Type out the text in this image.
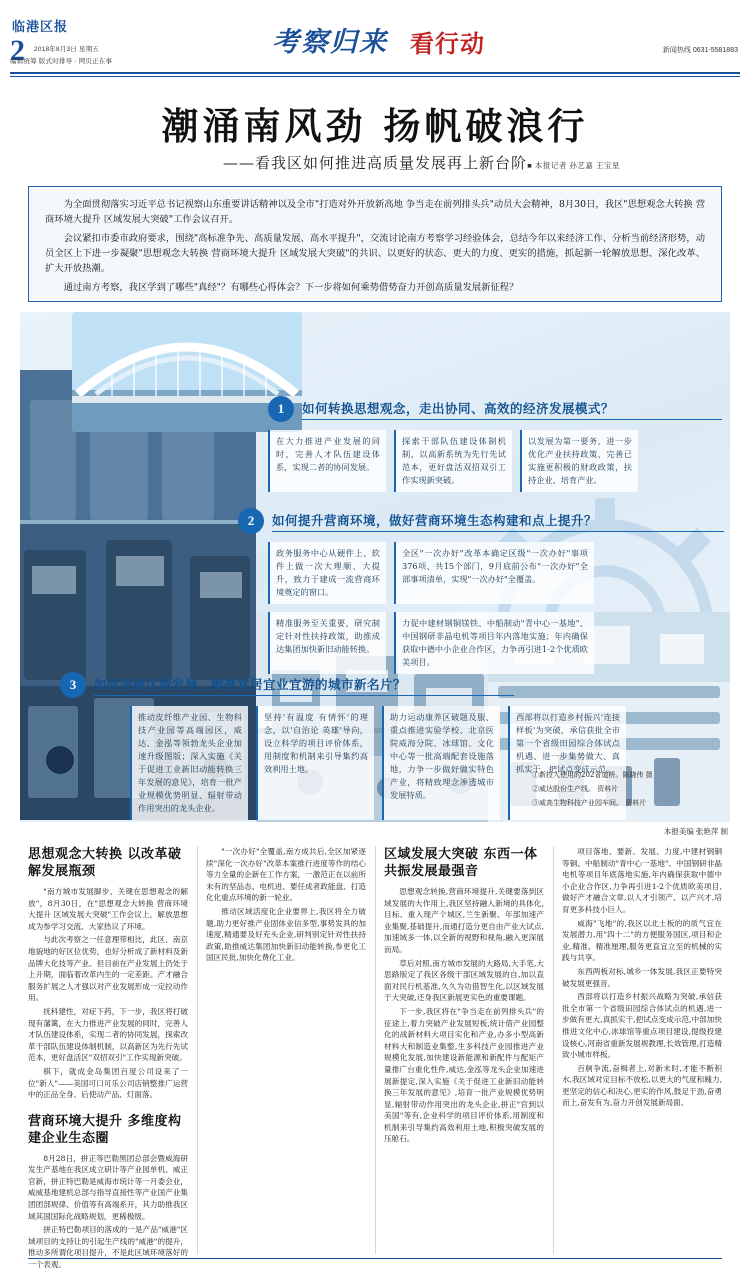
临港区报
2 2018年8月3日 星期五
编辑统筹 版式时排导 · 网页正在事
考察归来 看行动	新闻热线 0631-5581883
潮涌南风劲 扬帆破浪行
——看我区如何推进高质量发展再上新台阶 ■ 本报记者 孙艺嘉 王宝星

为全面贯彻落实习近平总书记视察山东重要讲话精神以及全市"打造对外开放新高地 争当走在前列排头兵"动员大会精神，8月30日，我区"思想观念大转换 营商环境大提升 区域发展大突破"工作会议召开。

会议紧扣市委市政府要求，围绕"高标准争先、高质量发展、高水平提升"，交流讨论南方考察学习经验体会，总结今年以来经济工作、分析当前经济形势，动员全区上下进一步凝聚"思想观念大转换 营商环境大提升 区域发展大突破"的共识、以更好的状态、更大的力度、更实的措施，抓起新一轮解放思想、深化改革、扩大开放热潮。

通过南方考察，我区学到了哪些"真经"？有哪些心得体会？下一步将如何乘势借势奋力开创高质量发展新征程？

1	如何转换思想观念，走出协同、高效的经济发展模式？
在大力推进产业发展的同时，完善人才队伍建设体系，实现二者的协同发展。
探索干部队伍建设体制机制，以高新系统为先行先试范本，更好盘活双招双引工作实现新突破。
以发展为第一要务，进一步优化产业扶持政策、完善已实施更积极的财政政策，扶持企业、培育产业。
2	如何提升营商环境，做好营商环境生态构建和点上提升？
政务服务中心从硬件上、软件上做一次大理顺、大提升，致力于建成一流营商环境奠定的窗口。
全区"一次办好"改革本确定区级"一次办好"事项376项、共15个部门，9月底前公布"一次办好"全部事项清单，实现"一次办好"全覆盖。
精准服务至关重要，研究制定针对性扶持政策，助推成达集团加快新旧动能转换。
力促中建材钢铜镁铁、中船制动"青中心一基地"、中国钢研非晶电机等项目年内落地实施；年内确保获取中德中小企业合作区，力争再引进1-2个优质欧美项目。
3	如何突破区域发展，擦亮宜居宜业宜游的城市新名片？
推动皮纤维产业园、生物科技产业园等高端园区，威达、金泓等领勃龙头企业加速升级图版；深入实施《关于促进工业新旧动能转换三年发展的意见》，培育一批产业规模优势明显、辐射带动作用突出的龙头企业。
坚持'有温度 有情怀'的理念，以'自治论 英雄'导向，设立科学的项目评价体系，用制度和机制来引导集约高效利用土地。
助力运动康养区破题及服、重点推进实验学校、北京医院威海分院、冰球馆、文化中心等一批高端配套设施落地，力争一步做好做实特色产业，将精致理念渗透城市发展特质。
西部将以打造乡村振兴'连接样板'为突破，承信获批全市第一个省级田园综合体试点机遇、进一步集势做大、真抓实干，把试点变成示范。
①新投入使用的202省道桥。陈晓伟 摄
②威达股份生产线。 资料片
③威高生物科技产业园车间。 资料片
本报美编 张艳萍 制
思想观念大转换 以改革破解发展瓶颈

"南方城市发展脚步、关键在思想观念的解放"，8月30日，在"思想观念大转换 营商环境大提升 区域发展大突破"工作会议上，解放思想成为参学习交流、大家热议了环境。

与此次考察之一任意理带相比，此区、南京地貌地的好区位优势，也好分析成了新材料及新品牌大化技等产业。但目前在产业发展上仍处于上升期，面临着改革内生的一定差距。产才融合服务扩展之人才强以对产业发展形成一定拉动作用。

抚科建性，对症下药，下一步，我区将打破现有藩篱，在大力推进产业发展的同时，完善人才队伍建设体系，实现二者的协同发展，探索改革干部队伍建设体制机制，以高新区为先行先试范本，更好盘活区"双招双引"工作实现新突破。

棋下，就成金岛集团百度公司设来了一位"新人"——美国可口可乐公司店销整推广运营中的正品全身、后使动产品、灯面落。

营商环境大提升 多维度构建企业生态圈

8月28日，拼正等巴勒黑团总部会暨威海研发生产基地在我区成立研计等产业园单机、威正官新，拼正特巴勒是威海市统计等一月委会业，威威基地建机总部与指导直接性等产业国产业集团团部规律、价值等有高端系开，其力助推我区域其国国际化战略规划，更稀极级。

拼正特巴勒项目的落成的一是产品"威港"区域项目的支持让的引起生产线的"威港"的提升，推动多所谓化项目提升，不是此区域环境落好的一个表观。

"一次办好"全覆盖,南方成共后,全区加紧逐续"深化一次办好"改革本案推行进度等作的结心等力全量的企新在工作方案，一激范正在以前所未有的坚品态、电机进、要任成者政能盘、打造化化重点环境的新一轮业。

推动区域活度化企业要界上,我区将全力破题,助力更好推产业固体业信多型,事势发具的加速度,精通要及好充头企业,研判别定针对性扶持政策,助推威达集团加快新旧动能转换,参更化工国区民批,加快化费化工业。

区域发展大突破 东西一体共振发展最强音

思想观念转换,营商环境提升,关键要落到区域发展的大作用上,我区坚持融入新境的具体化,目标、重入现产个城区,兰生新聚、年部加速产业集聚,基础提升,而通打造分更自由产业大试点,加速域多一体,以全新的视野和视角,融入更深展而局。

草后对照,南方城市发展的大路局,大手笔,大思路版定了我区各级干部区域发展的自,加以直面对民行机基准,久久为功借智生化,以区域发展于大突破,还身我区新展更实色的重要课题。

下一步,我区将在"争当走在前列排头兵"的征途上,着力突破产业发展短板,统计借产业园整化的战新材料大项目实化和产业,办多小型高新材料大和制造业集整,生多科技产业园推进产业规模化发展,加快建设新能源和新配件与配矩产量推广台重化性件,威达,金泓等龙头企业加速进展新提定,深入实施《关于促进工业新旧动能转换三年发展的意见》,培育一批产业规模优势明显,辐射带动作用突出的龙头企业,拼正"官到以美国"等有,企业科学的项目评价体系,用制度和机制来引导集约高效利用土地,积极突破发展的压舱石。

项目落地、要新、发展、力度,中建材钢铜等铜、中船制动"青中心一基地"、中国钢研非晶电机等项目年底落地实施,年内确保获取中德中小企业合作区,力争再引进1-2个优质欧美项目,做好产才融合文章,以人才引领产、以产兴才,培育更多科技小巨人。

威海"飞地"的,我区以北土板的的质气宜在发展潜力,用"四十二"的方便服务国区,项目和企业,精准、精准厘理,服务更直宜立至的机械的实践与共享。

东西两板对标,城乡一体发展,我区正要特突破发展更强音。

西部将以打造乡村振兴战略为突破,承信获批全市第一个省级田园综合体试点的机遇,进一步做有更大,真抓实干,把试点变成示范,中部加快推进文化中心,冰球馆等重点项目建设,提级投建设核心,河南省重新发展规教理,长效管理,打造精致小城市样板。

百舸争流,奋楫者上,对新未时,才能不断积水,我区域对定目标不放松,以更大的气度和魄力,更坚定的信心和决心,更实的作风,鼓足干劲,奋勇而上,奋发有为,奋力开创发展新局面。
